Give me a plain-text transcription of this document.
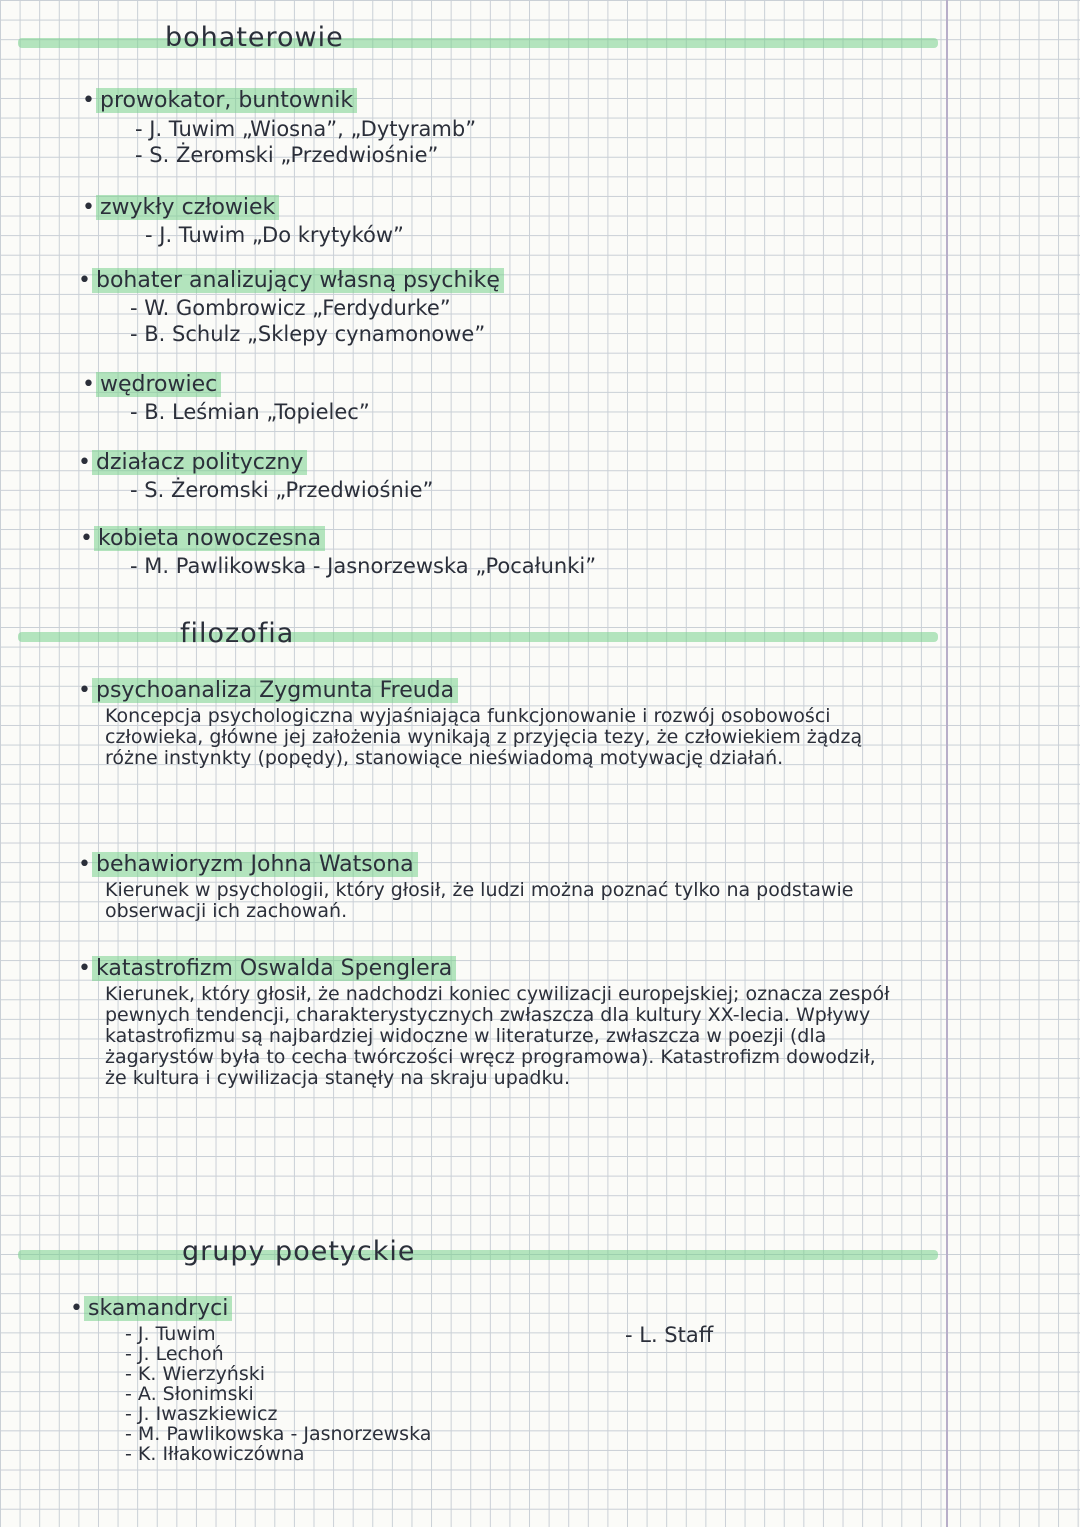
bohaterowie
• prowokator, buntownik
- J. Tuwim „Wiosna”, „Dytyramb”
- S. Żeromski „Przedwiośnie”
• zwykły człowiek
- J. Tuwim „Do krytyków”
• bohater analizujący własną psychikę
- W. Gombrowicz „Ferdydurke”
- B. Schulz „Sklepy cynamonowe”
• wędrowiec
- B. Leśmian „Topielec”
• działacz polityczny
- S. Żeromski „Przedwiośnie”
• kobieta nowoczesna
- M. Pawlikowska - Jasnorzewska „Pocałunki”
filozofia
• psychoanaliza Zygmunta Freuda
Koncepcja psychologiczna wyjaśniająca funkcjonowanie i rozwój osobowości człowieka, główne jej założenia wynikają z przyjęcia tezy, że człowiekiem żądzą różne instynkty (popędy), stanowiące nieświadomą motywację działań.
• behawioryzm Johna Watsona
Kierunek w psychologii, który głosił, że ludzi można poznać tylko na podstawie obserwacji ich zachowań.
• katastrofizm Oswalda Spenglera
Kierunek, który głosił, że nadchodzi koniec cywilizacji europejskiej; oznacza zespół pewnych tendencji, charakterystycznych zwłaszcza dla kultury XX-lecia. Wpływy katastrofizmu są najbardziej widoczne w literaturze, zwłaszcza w poezji (dla żagarystów była to cecha twórczości wręcz programowa). Katastrofizm dowodził, że kultura i cywilizacja stanęły na skraju upadku.
grupy poetyckie
• skamandryci
- L. Staff
- J. Tuwim
- J. Lechoń
- K. Wierzyński
- A. Słonimski
- J. Iwaszkiewicz
- M. Pawlikowska - Jasnorzewska
- K. Iłłakowiczówna
